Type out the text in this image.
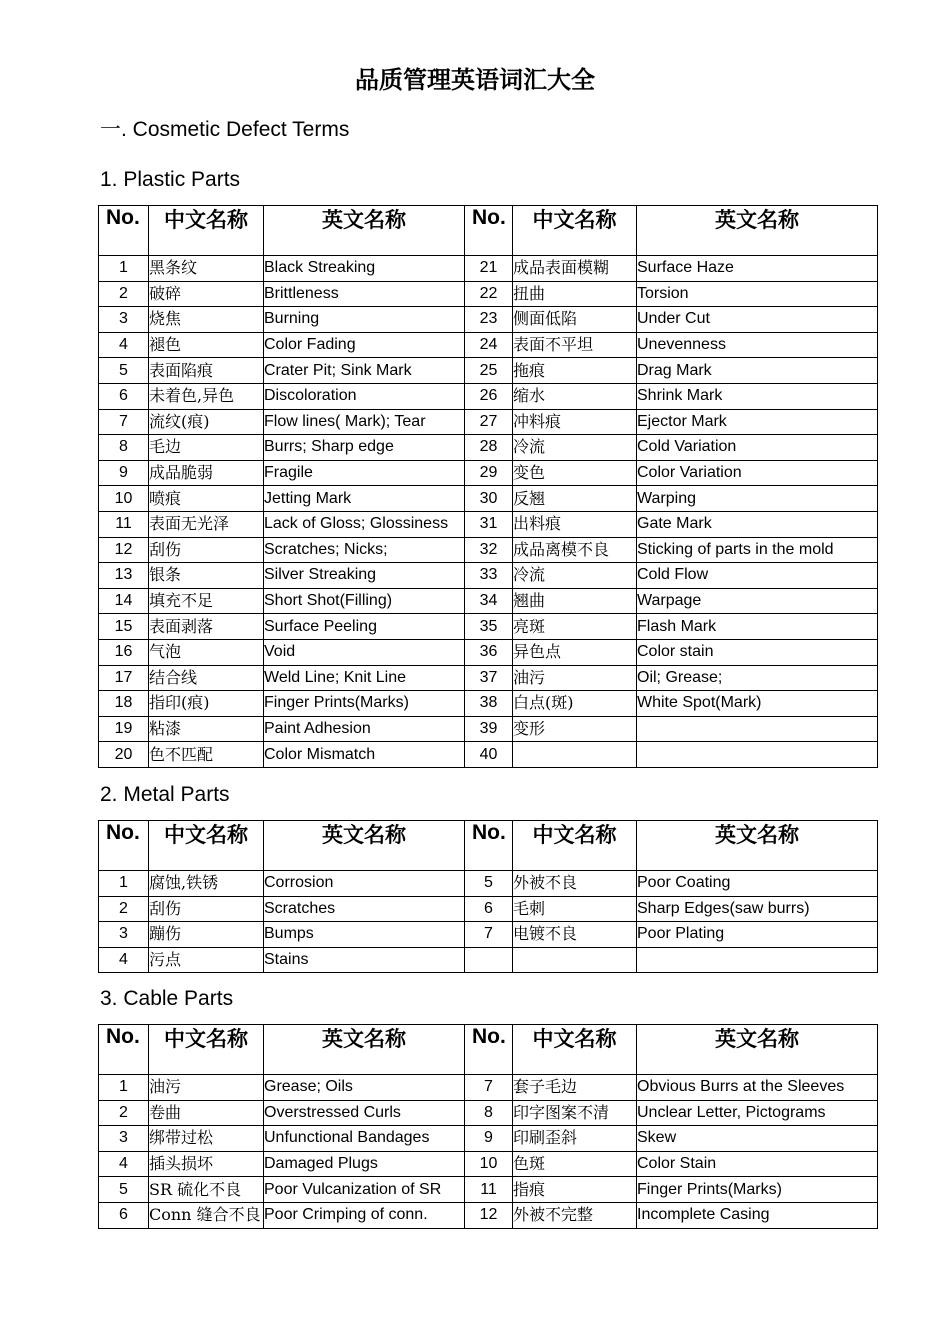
品质管理英语词汇大全
一. Cosmetic Defect Terms
1. Plastic Parts
No.	中文名称	英文名称	No.	中文名称	英文名称

1	黑条纹	Black Streaking	21	成品表面模糊	Surface Haze
2	破碎	Brittleness	22	扭曲	Torsion
3	烧焦	Burning	23	侧面低陷	Under Cut
4	褪色	Color Fading	24	表面不平坦	Unevenness
5	表面陷痕	Crater Pit; Sink Mark	25	拖痕	Drag Mark
6	未着色,异色	Discoloration	26	缩水	Shrink Mark
7	流纹(痕)	Flow lines( Mark); Tear	27	冲料痕	Ejector Mark
8	毛边	Burrs; Sharp edge	28	冷流	Cold Variation
9	成品脆弱	Fragile	29	变色	Color Variation
10	喷痕	Jetting Mark	30	反翘	Warping
11	表面无光泽	Lack of Gloss; Glossiness	31	出料痕	Gate Mark
12	刮伤	Scratches; Nicks;	32	成品离模不良	Sticking of parts in the mold
13	银条	Silver Streaking	33	冷流	Cold Flow
14	填充不足	Short Shot(Filling)	34	翘曲	Warpage
15	表面剥落	Surface Peeling	35	亮斑	Flash Mark
16	气泡	Void	36	异色点	Color stain
17	结合线	Weld Line; Knit Line	37	油污	Oil; Grease;
18	指印(痕)	Finger Prints(Marks)	38	白点(斑)	White Spot(Mark)
19	粘漆	Paint Adhesion	39	变形	
20	色不匹配	Color Mismatch	40		
2. Metal Parts
No.	中文名称	英文名称	No.	中文名称	英文名称

1	腐蚀,铁锈	Corrosion	5	外被不良	Poor Coating
2	刮伤	Scratches	6	毛刺	Sharp Edges(saw burrs)
3	蹦伤	Bumps	7	电镀不良	Poor Plating
4	污点	Stains			
3. Cable Parts
No.	中文名称	英文名称	No.	中文名称	英文名称

1	油污	Grease; Oils	7	套子毛边	Obvious Burrs at the Sleeves
2	卷曲	Overstressed Curls	8	印字图案不清	Unclear Letter, Pictograms
3	绑带过松	Unfunctional Bandages	9	印刷歪斜	Skew
4	插头损坏	Damaged Plugs	10	色斑	Color Stain
5	SR 硫化不良	Poor Vulcanization of SR	11	指痕	Finger Prints(Marks)
6	Conn 缝合不良	Poor Crimping of conn.	12	外被不完整	Incomplete Casing
